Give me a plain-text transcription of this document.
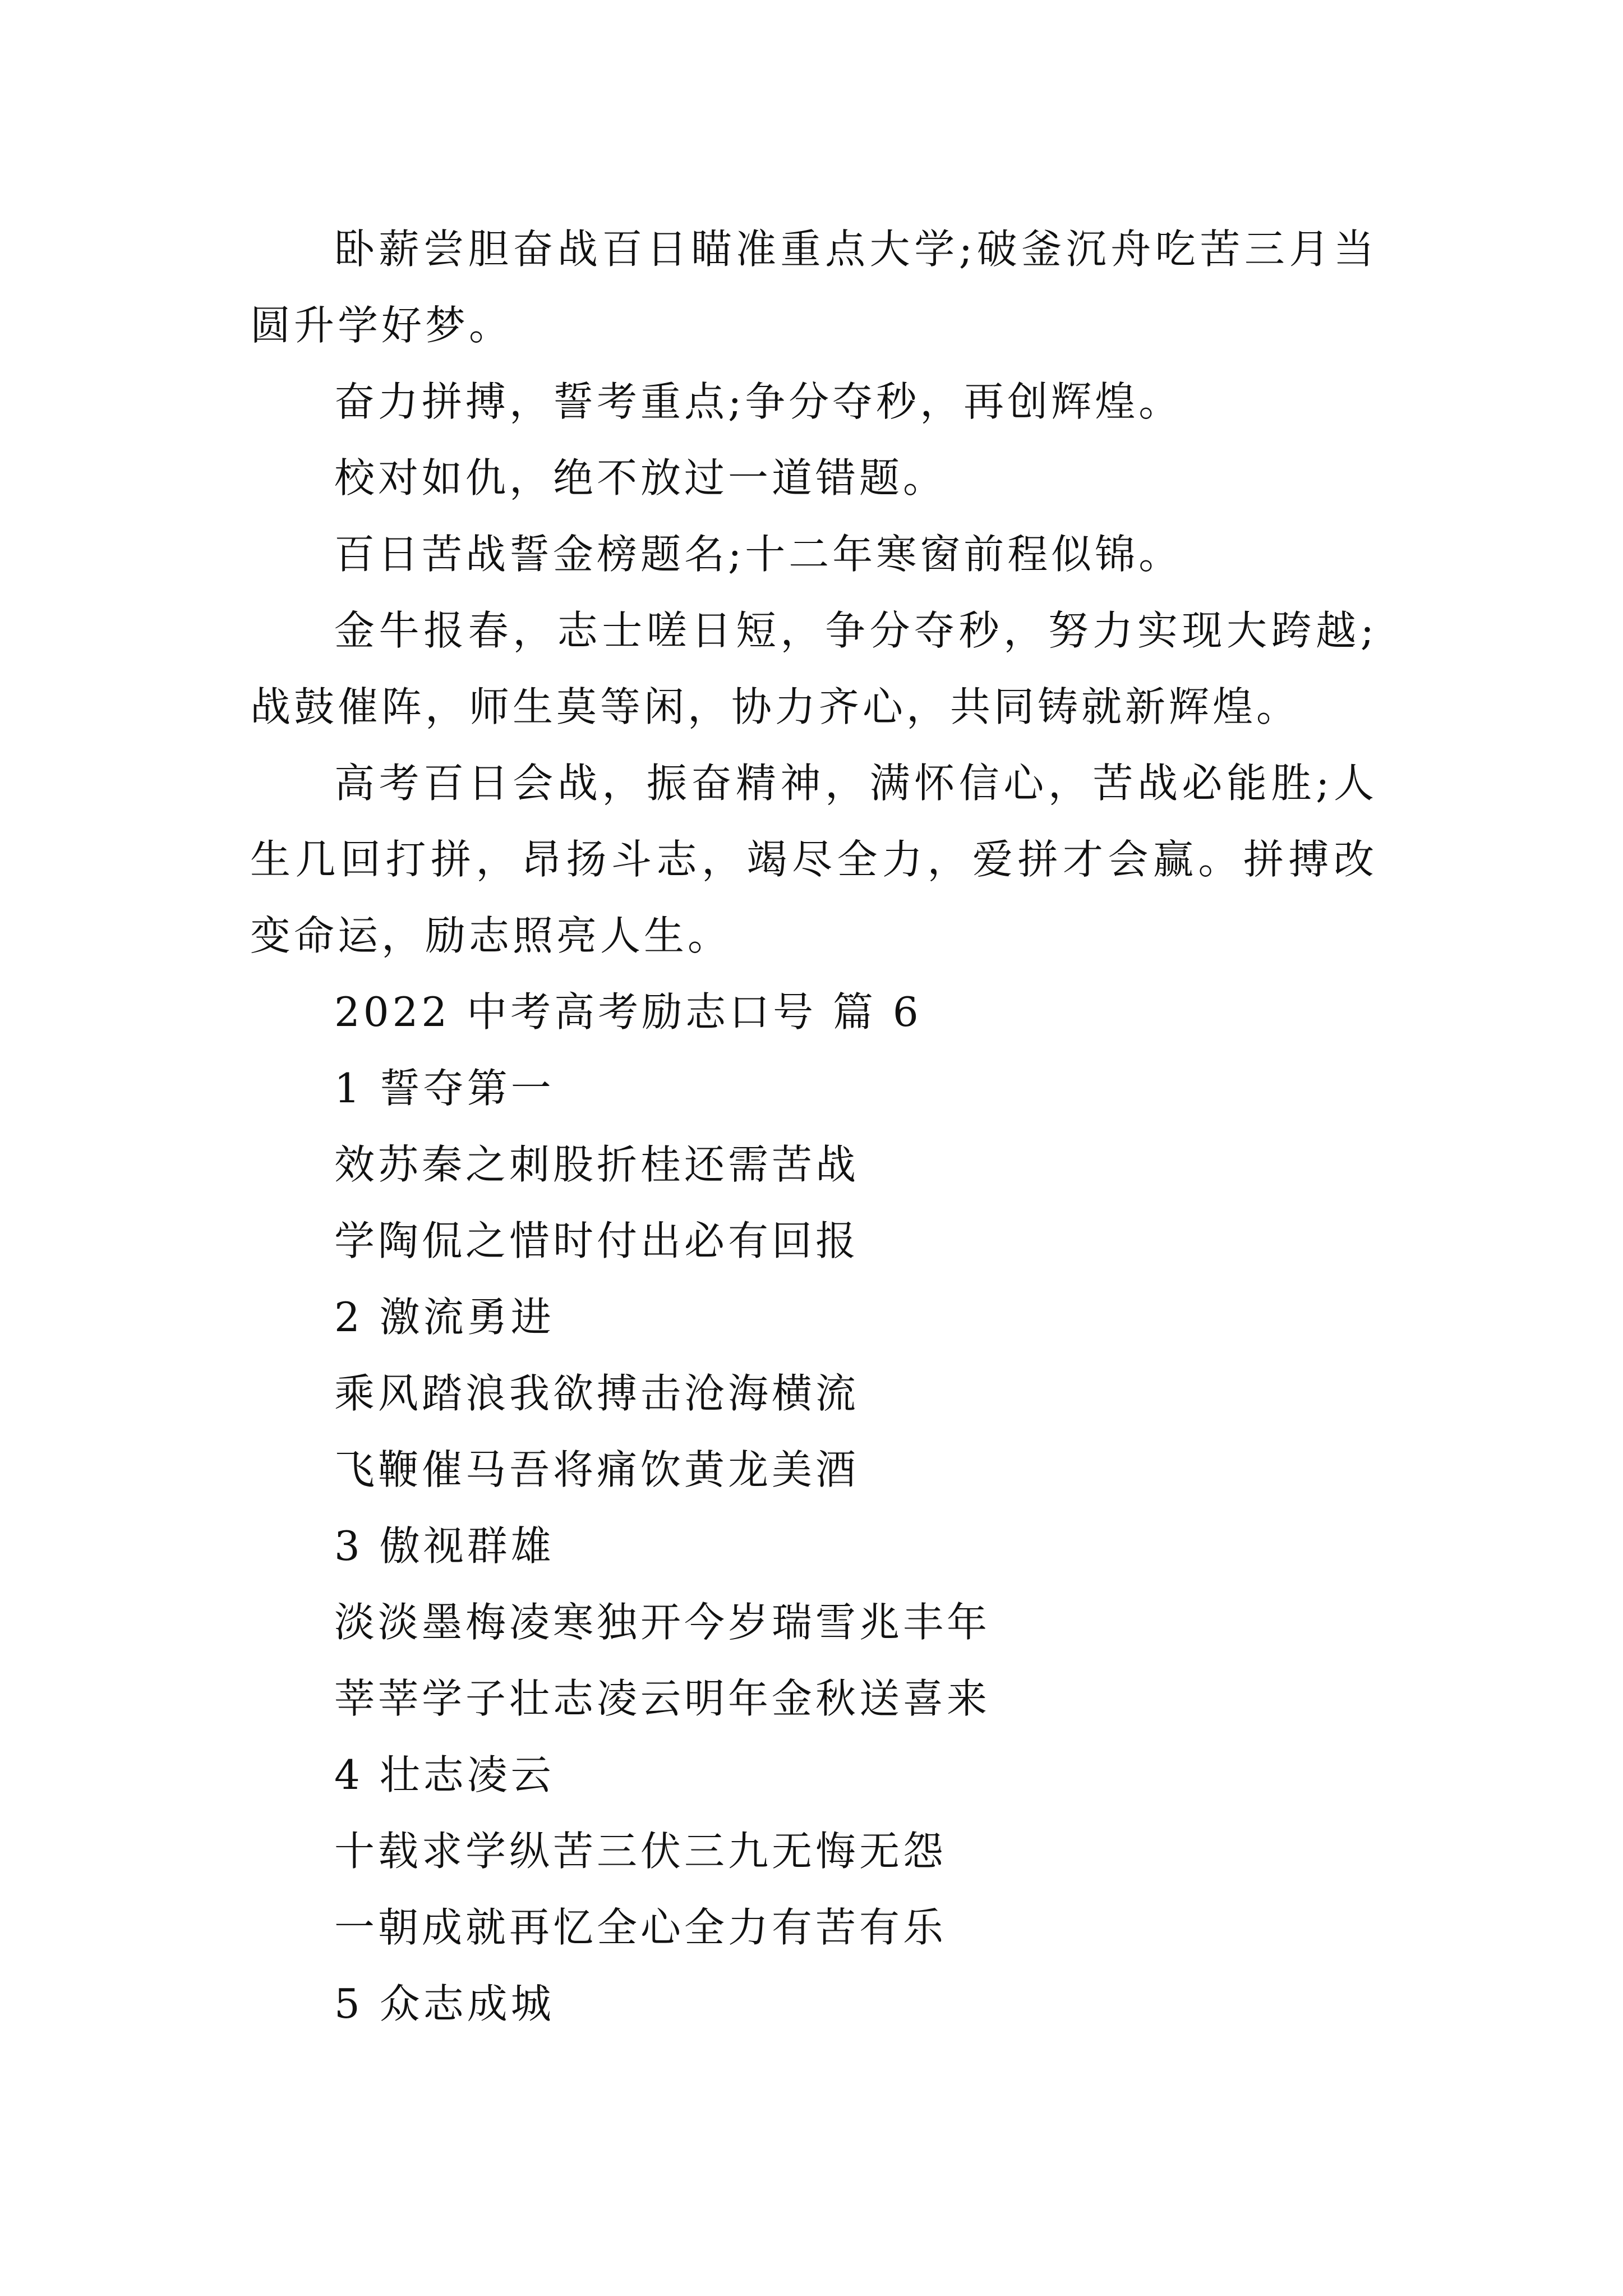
卧薪尝胆奋战百日瞄准重点大学;破釜沉舟吃苦三月当圆升学好梦。

奋力拼搏，誓考重点;争分夺秒，再创辉煌。

校对如仇，绝不放过一道错题。

百日苦战誓金榜题名;十二年寒窗前程似锦。

金牛报春，志士嗟日短，争分夺秒，努力实现大跨越;战鼓催阵，师生莫等闲，协力齐心，共同铸就新辉煌。

高考百日会战，振奋精神，满怀信心，苦战必能胜;人生几回打拼，昂扬斗志，竭尽全力，爱拼才会赢。拼搏改变命运，励志照亮人生。

2022 中考高考励志口号 篇 6

1 誓夺第一

效苏秦之刺股折桂还需苦战

学陶侃之惜时付出必有回报

2 激流勇进

乘风踏浪我欲搏击沧海横流

飞鞭催马吾将痛饮黄龙美酒

3 傲视群雄

淡淡墨梅凌寒独开今岁瑞雪兆丰年

莘莘学子壮志凌云明年金秋送喜来

4 壮志凌云

十载求学纵苦三伏三九无悔无怨

一朝成就再忆全心全力有苦有乐

5 众志成城
